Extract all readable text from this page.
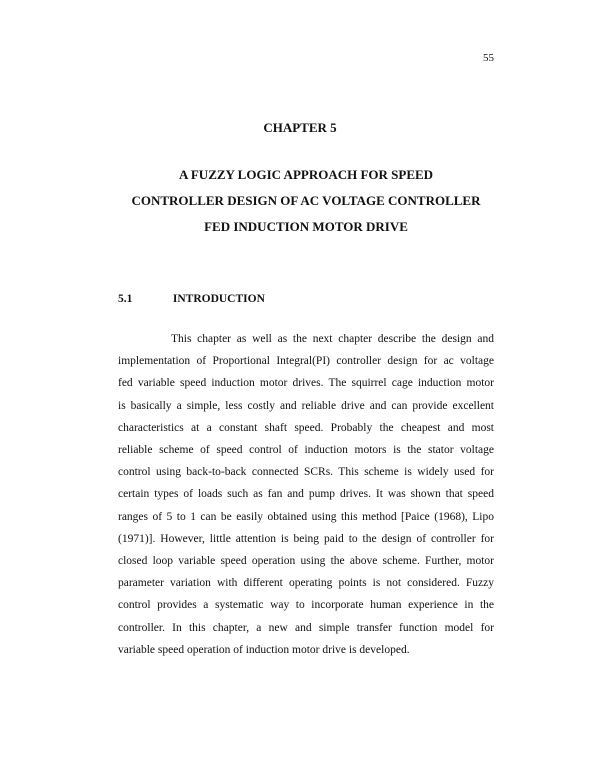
55
CHAPTER 5
A FUZZY LOGIC APPROACH FOR SPEED
CONTROLLER DESIGN OF AC VOLTAGE CONTROLLER
FED INDUCTION MOTOR DRIVE
5.1	INTRODUCTION
This chapter as well as the next chapter describe the design and
implementation of Proportional Integral(PI) controller design for ac voltage
fed variable speed induction motor drives. The squirrel cage induction motor
is basically a simple, less costly and reliable drive and can provide excellent
characteristics at a constant shaft speed. Probably the cheapest and most
reliable scheme of speed control of induction motors is the stator voltage
control using back-to-back connected SCRs. This scheme is widely used for
certain types of loads such as fan and pump drives. It was shown that speed
ranges of 5 to 1 can be easily obtained using this method [Paice (1968), Lipo
(1971)]. However, little attention is being paid to the design of controller for
closed loop variable speed operation using the above scheme. Further, motor
parameter variation with different operating points is not considered. Fuzzy
control provides a systematic way to incorporate human experience in the
controller. In this chapter, a new and simple transfer function model for
variable speed operation of induction motor drive is developed.
